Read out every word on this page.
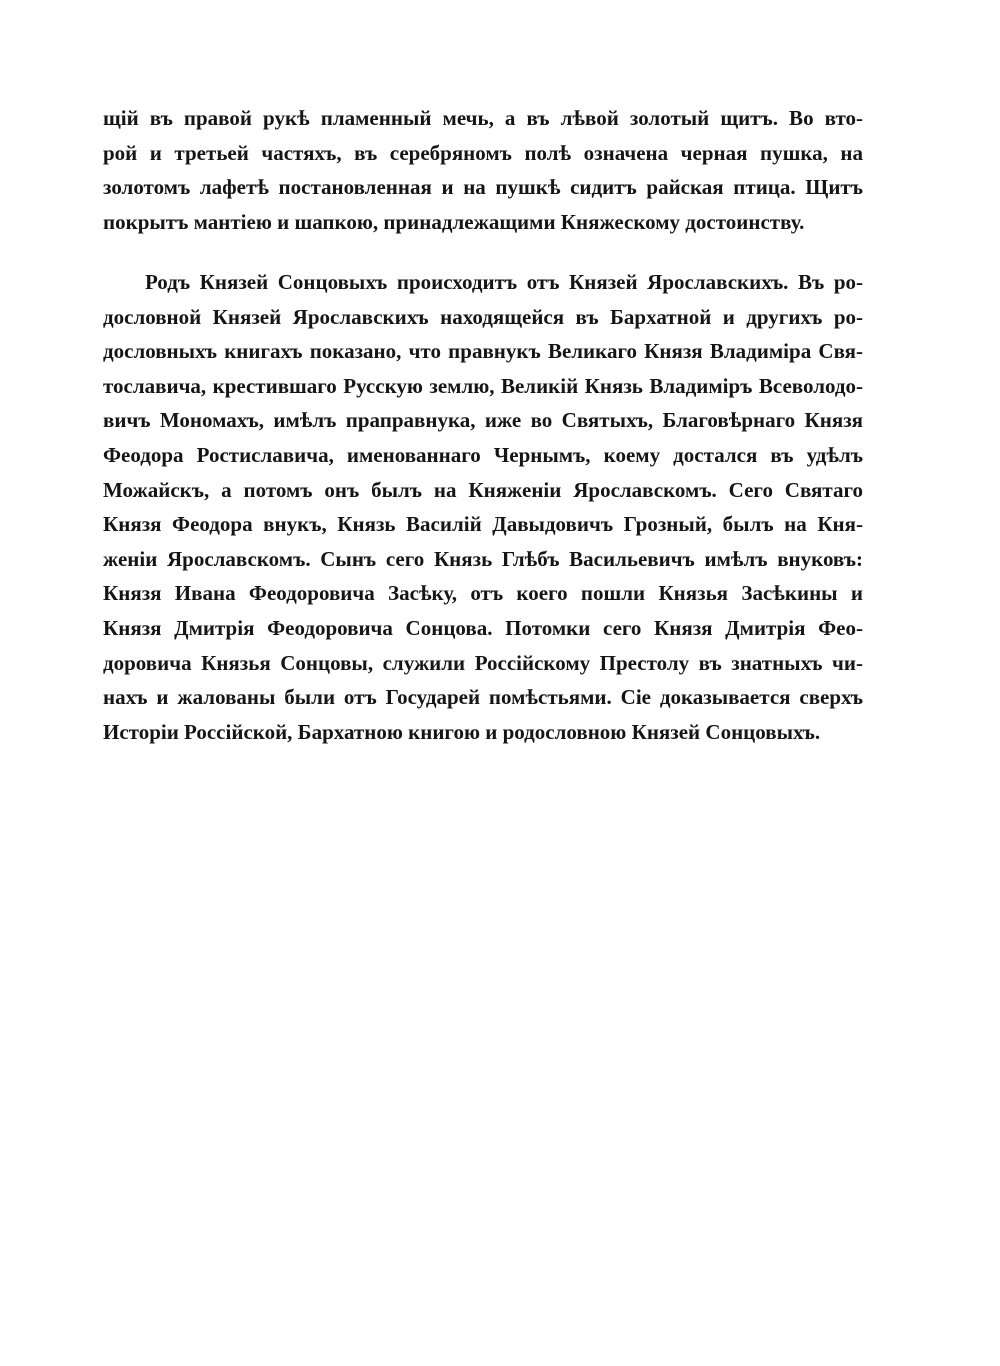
щій въ правой рукѣ пламенный мечь, а въ лѣвой золотый щитъ. Во вто-
рой и третьей частяхъ, въ серебряномъ полѣ означена черная пушка, на
золотомъ лафетѣ постановленная и на пушкѣ сидитъ райская птица. Щитъ
покрытъ мантіею и шапкою, принадлежащими Княжескому достоинству.
Родъ Князей Сонцовыхъ происходитъ отъ Князей Ярославскихъ. Въ ро-
дословной Князей Ярославскихъ находящейся въ Бархатной и другихъ ро-
дословныхъ книгахъ показано, что правнукъ Великаго Князя Владиміра Свя-
тославича, крестившаго Русскую землю, Великій Князь Владиміръ Всеволодо-
вичъ Мономахъ, имѣлъ праправнука, иже во Святыхъ, Благовѣрнаго Князя
Феодора Ростиславича, именованнаго Чернымъ, коему достался въ удѣлъ
Можайскъ, а потомъ онъ былъ на Княженіи Ярославскомъ. Сего Святаго
Князя Феодора внукъ, Князь Василій Давыдовичъ Грозный, былъ на Кня-
женіи Ярославскомъ. Сынъ сего Князь Глѣбъ Васильевичъ имѣлъ внуковъ:
Князя Ивана Феодоровича Засѣку, отъ коего пошли Князья Засѣкины и
Князя Дмитрія Феодоровича Сонцова. Потомки сего Князя Дмитрія Фео-
доровича Князья Сонцовы, служили Россійскому Престолу въ знатныхъ чи-
нахъ и жалованы были отъ Государей помѣстьями. Сіе доказывается сверхъ
Исторіи Россійской, Бархатною книгою и родословною Князей Сонцовыхъ.
